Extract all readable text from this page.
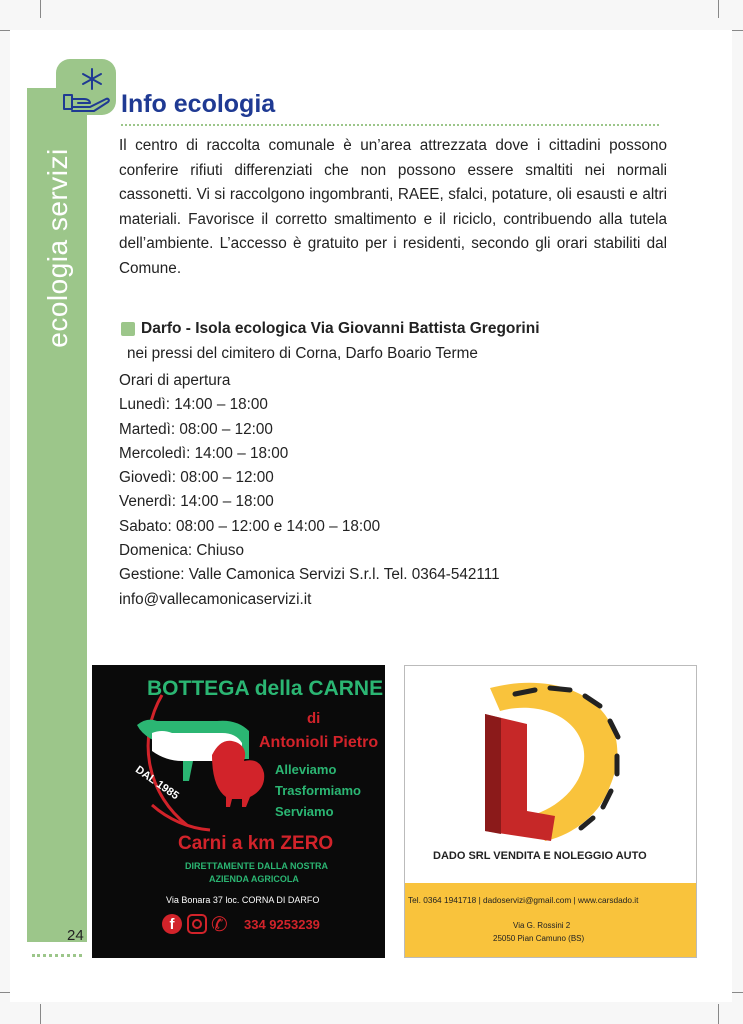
ecologia servizi
Info ecologia
Il centro di raccolta comunale è un’area attrezzata dove i cittadini possono conferire rifiuti differenziati che non possono essere smaltiti nei normali cassonetti. Vi si raccolgono ingombranti, RAEE, sfalci, potature, oli esausti e altri materiali. Favorisce il corretto smaltimento e il riciclo, contribuendo alla tutela dell’ambiente. L’accesso è gratuito per i residenti, secondo gli orari stabiliti dal Comune.
Darfo - Isola ecologica Via Giovanni Battista Gregorini
nei pressi del cimitero di Corna, Darfo Boario Terme
Orari di apertura
Lunedì: 14:00 – 18:00
Martedì: 08:00 – 12:00
Mercoledì: 14:00 – 18:00
Giovedì: 08:00 – 12:00
Venerdì: 14:00 – 18:00
Sabato: 08:00 – 12:00 e 14:00 – 18:00
Domenica: Chiuso
Gestione: Valle Camonica Servizi S.r.l. Tel. 0364-542111
info@vallecamonicaservizi.it
BOTTEGA della CARNE
di
Antonioli Pietro
Alleviamo
Trasformiamo
Serviamo
DAL 1985
Carni a km ZERO
DIRETTAMENTE DALLA NOSTRA
AZIENDA AGRICOLA
Via Bonara 37 loc. CORNA DI DARFO
f	✆ 334 9253239
DADO SRL VENDITA E NOLEGGIO AUTO
Tel. 0364 1941718 | dadoservizi@gmail.com | www.carsdado.it
Via G. Rossini 2
25050 Pian Camuno (BS)
24
